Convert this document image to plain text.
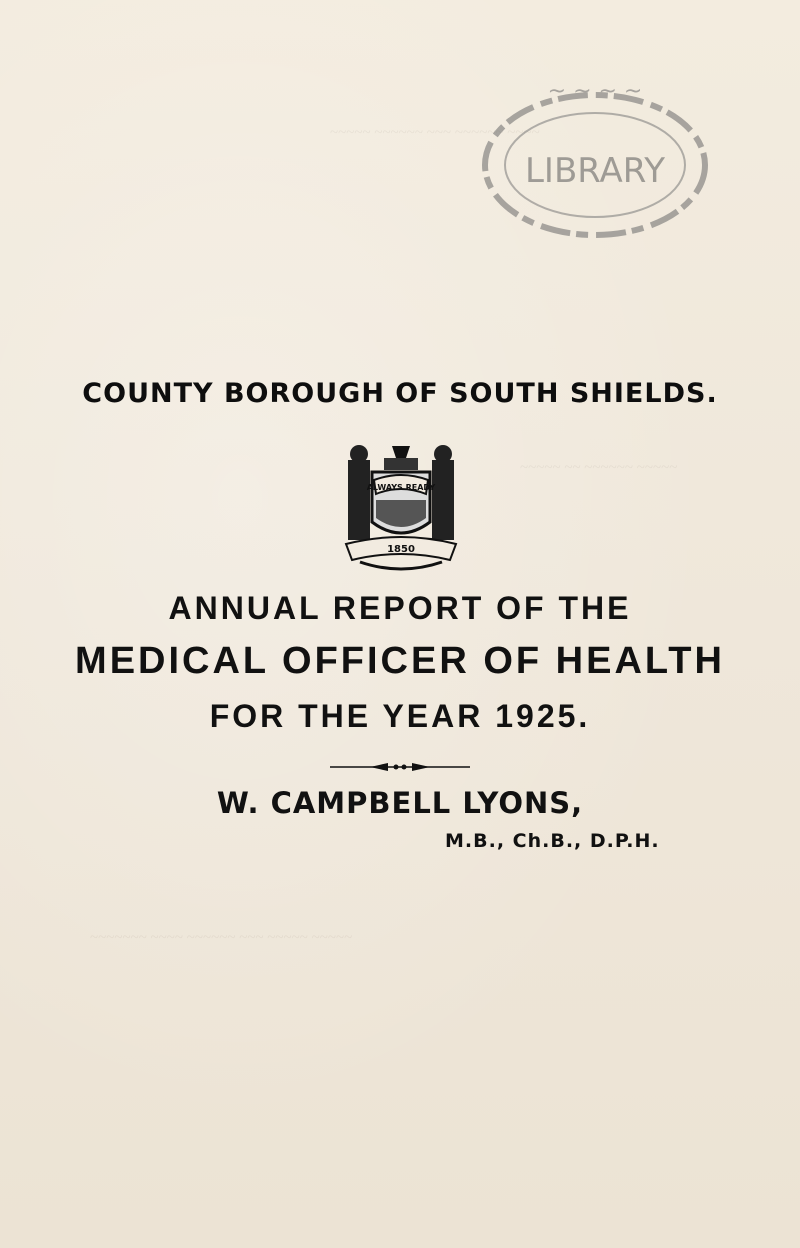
~~~~~ ~~~~~~ ~~~ ~~~~~~ ~~~~
~~~~~ ~~ ~~~~~~ ~~~~~
~~~~~~~ ~~~~ ~~~~~~ ~~~ ~~~~~ ~~~~~
~ ~ ~ ~
LIBRARY
COUNTY BOROUGH OF SOUTH SHIELDS.
ALWAYS READY
1850
ANNUAL REPORT OF THE
MEDICAL OFFICER OF HEALTH
FOR THE YEAR 1925.
W. CAMPBELL LYONS,
M.B., Ch.B., D.P.H.
